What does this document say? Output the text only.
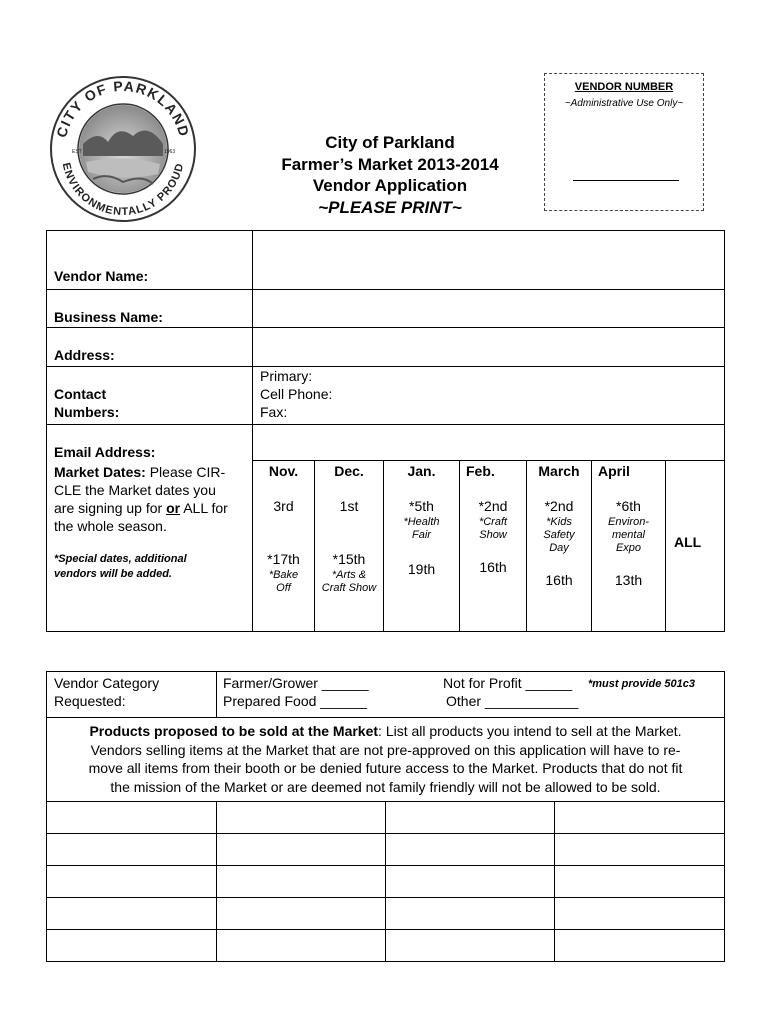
CITY OF PARKLAND
ENVIRONMENTALLY PROUD
EST	1963	City of Parkland
Farmer’s Market 2013-2014
Vendor Application
~PLEASE PRINT~
VENDOR NUMBER
~Administrative Use Only~
Vendor Name:
Business Name:
Address:
Contact
Numbers:
Primary:
Cell Phone:
Fax:
Email Address:
Market Dates: Please CIR-
CLE the Market dates you
are signing up for or ALL for
the whole season.
*Special dates, additional
vendors will be added.
Nov.
3rd
*17th
*Bake
Off
Dec.
1st
*15th
*Arts &
Craft Show
Jan.
*5th
*Health
Fair
19th
Feb.
*2nd
*Craft
Show
16th
March
*2nd
*Kids
Safety
Day
16th
April
*6th
Environ-
mental
Expo
13th
ALL
Vendor Category
Requested:
Farmer/Grower ______
Prepared Food ______
Not for Profit ______ *must provide 501c3
Other ____________
Products proposed to be sold at the Market: List all products you intend to sell at the Market.
Vendors selling items at the Market that are not pre-approved on this application will have to re-
move all items from their booth or be denied future access to the Market. Products that do not fit
the mission of the Market or are deemed not family friendly will not be allowed to be sold.
